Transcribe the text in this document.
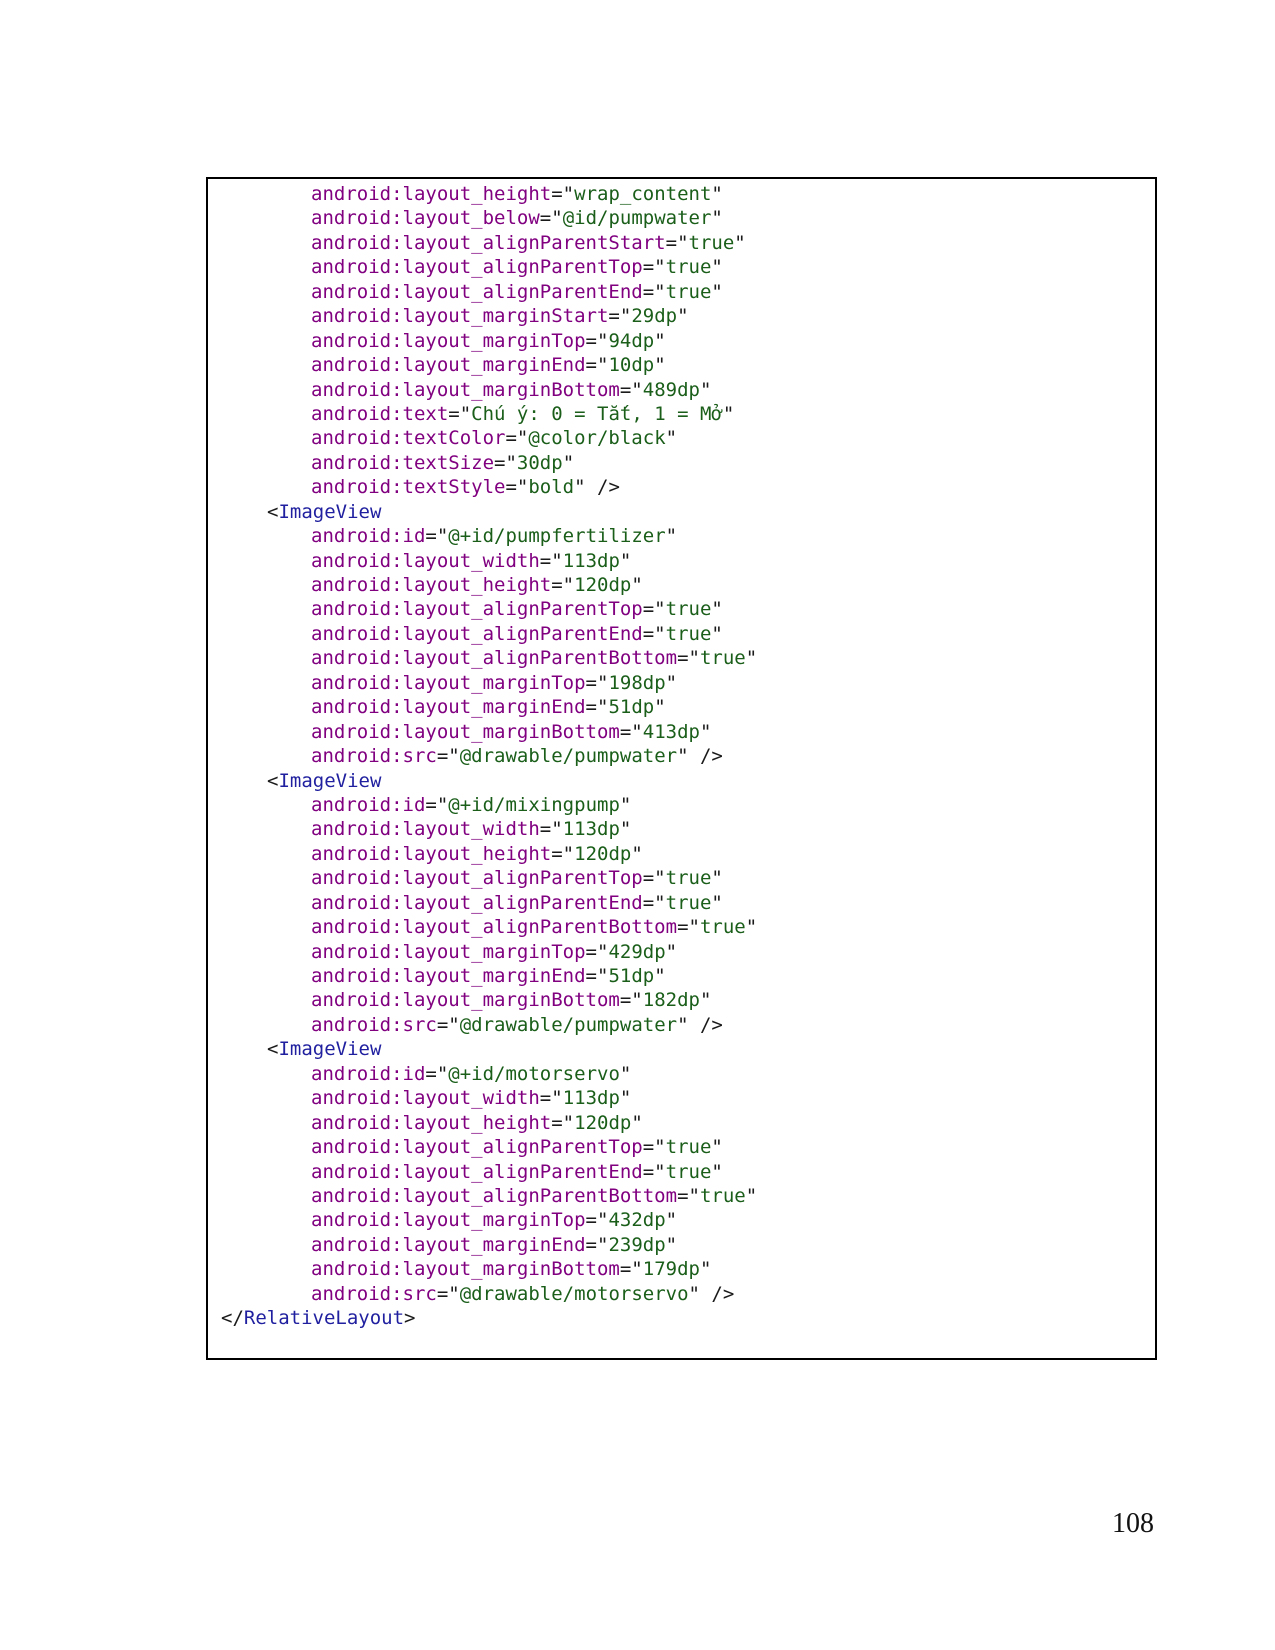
android:layout_height="wrap_content"
android:layout_below="@id/pumpwater"
android:layout_alignParentStart="true"
android:layout_alignParentTop="true"
android:layout_alignParentEnd="true"
android:layout_marginStart="29dp"
android:layout_marginTop="94dp"
android:layout_marginEnd="10dp"
android:layout_marginBottom="489dp"
android:text="Chú ý: 0 = Tắt, 1 = Mở"
android:textColor="@color/black"
android:textSize="30dp"
android:textStyle="bold" />
<ImageView
android:id="@+id/pumpfertilizer"
android:layout_width="113dp"
android:layout_height="120dp"
android:layout_alignParentTop="true"
android:layout_alignParentEnd="true"
android:layout_alignParentBottom="true"
android:layout_marginTop="198dp"
android:layout_marginEnd="51dp"
android:layout_marginBottom="413dp"
android:src="@drawable/pumpwater" />
<ImageView
android:id="@+id/mixingpump"
android:layout_width="113dp"
android:layout_height="120dp"
android:layout_alignParentTop="true"
android:layout_alignParentEnd="true"
android:layout_alignParentBottom="true"
android:layout_marginTop="429dp"
android:layout_marginEnd="51dp"
android:layout_marginBottom="182dp"
android:src="@drawable/pumpwater" />
<ImageView
android:id="@+id/motorservo"
android:layout_width="113dp"
android:layout_height="120dp"
android:layout_alignParentTop="true"
android:layout_alignParentEnd="true"
android:layout_alignParentBottom="true"
android:layout_marginTop="432dp"
android:layout_marginEnd="239dp"
android:layout_marginBottom="179dp"
android:src="@drawable/motorservo" />
</RelativeLayout>
108
